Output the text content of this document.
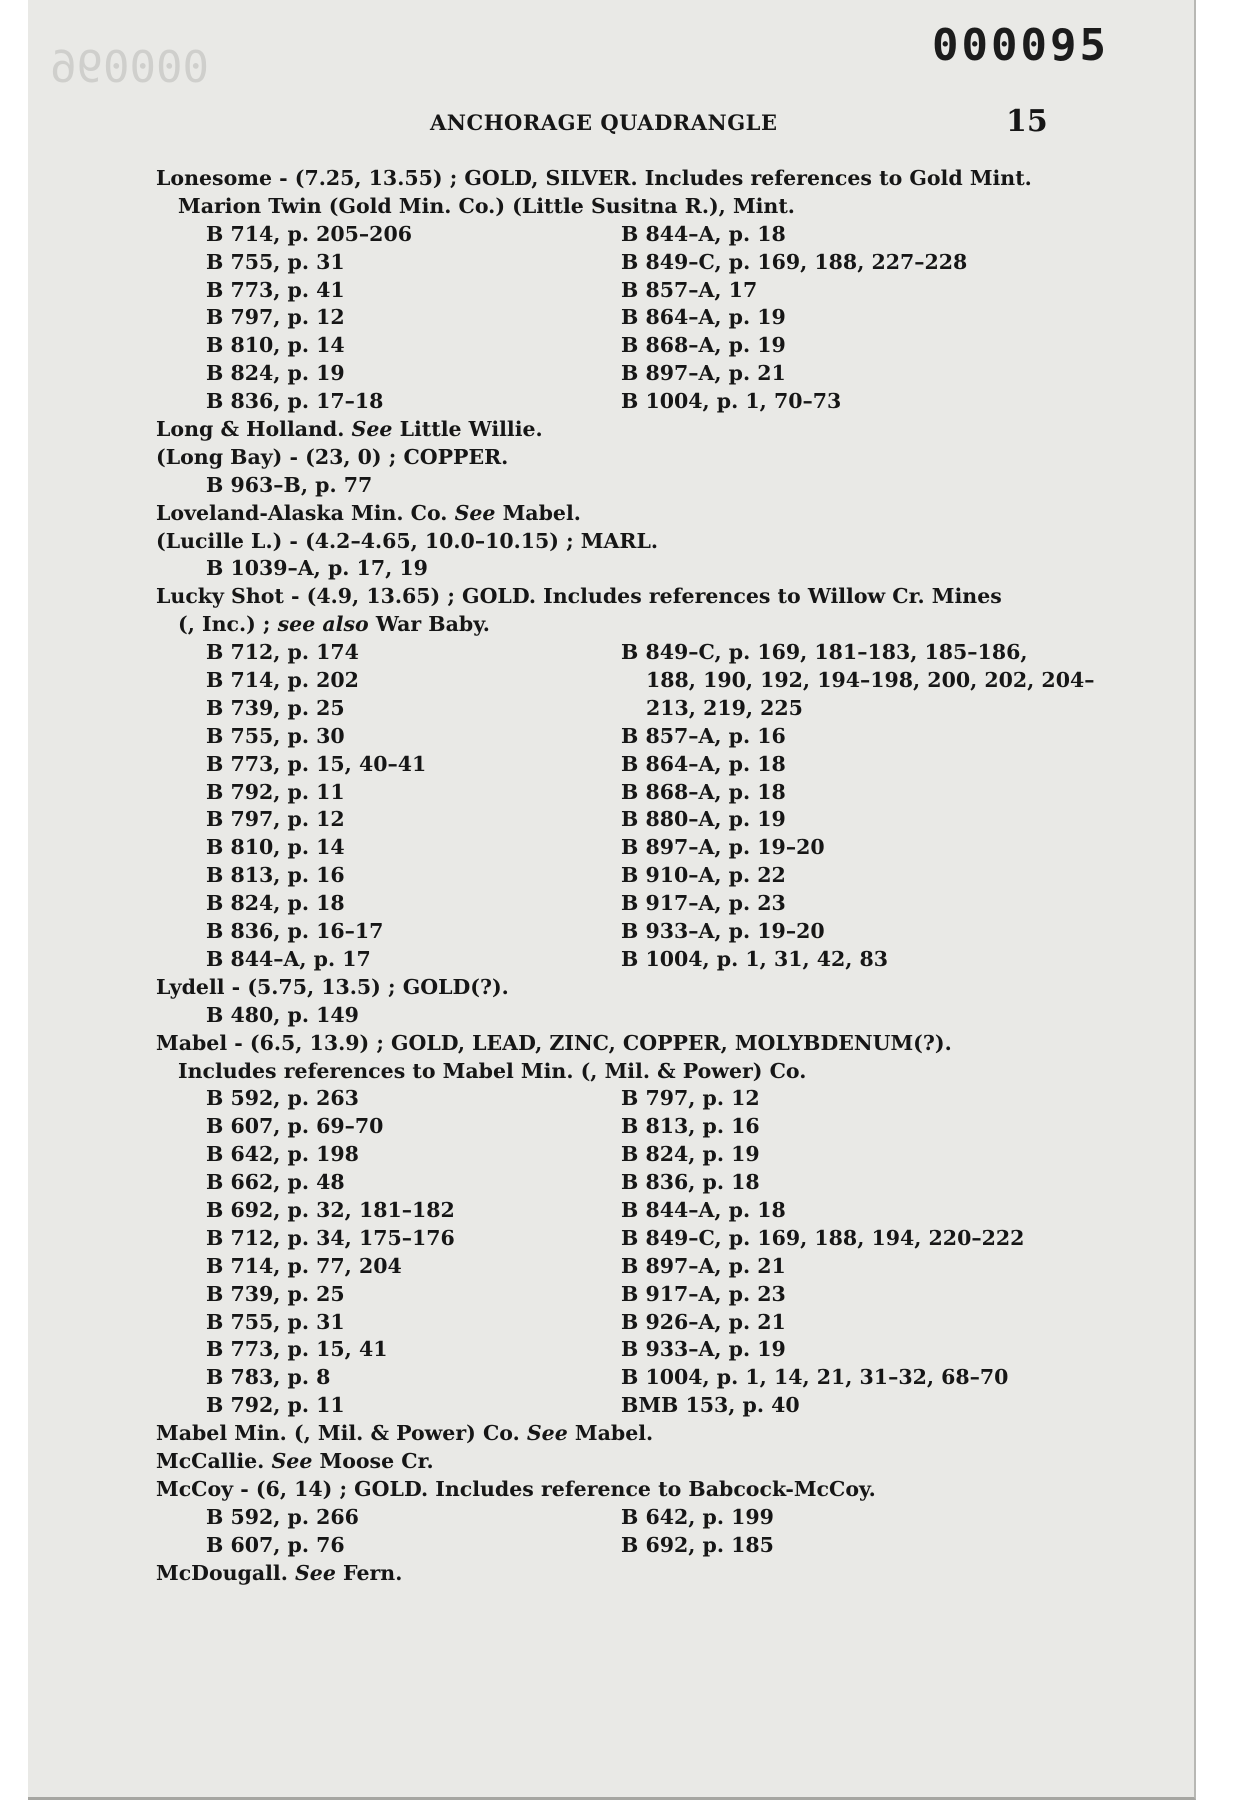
000096	000095
ANCHORAGE QUADRANGLE	15
Lonesome - (7.25, 13.55) ; GOLD, SILVER. Includes references to Gold Mint.
Marion Twin (Gold Min. Co.) (Little Susitna R.), Mint.
B 714, p. 205–206	B 844–A, p. 18
B 755, p. 31	B 849–C, p. 169, 188, 227–228
B 773, p. 41	B 857–A, 17
B 797, p. 12	B 864–A, p. 19
B 810, p. 14	B 868–A, p. 19
B 824, p. 19	B 897–A, p. 21
B 836, p. 17–18	B 1004, p. 1, 70–73
Long & Holland. See Little Willie.
(Long Bay) - (23, 0) ; COPPER.
B 963–B, p. 77
Loveland-Alaska Min. Co. See Mabel.
(Lucille L.) - (4.2–4.65, 10.0–10.15) ; MARL.
B 1039–A, p. 17, 19
Lucky Shot - (4.9, 13.65) ; GOLD. Includes references to Willow Cr. Mines
(, Inc.) ; see also War Baby.
B 712, p. 174	B 849–C, p. 169, 181–183, 185–186,
B 714, p. 202	188, 190, 192, 194–198, 200, 202, 204–
B 739, p. 25	213, 219, 225
B 755, p. 30	B 857–A, p. 16
B 773, p. 15, 40–41	B 864–A, p. 18
B 792, p. 11	B 868–A, p. 18
B 797, p. 12	B 880–A, p. 19
B 810, p. 14	B 897–A, p. 19–20
B 813, p. 16	B 910–A, p. 22
B 824, p. 18	B 917–A, p. 23
B 836, p. 16–17	B 933–A, p. 19–20
B 844–A, p. 17	B 1004, p. 1, 31, 42, 83
Lydell - (5.75, 13.5) ; GOLD(?).
B 480, p. 149
Mabel - (6.5, 13.9) ; GOLD, LEAD, ZINC, COPPER, MOLYBDENUM(?).
Includes references to Mabel Min. (, Mil. & Power) Co.
B 592, p. 263	B 797, p. 12
B 607, p. 69–70	B 813, p. 16
B 642, p. 198	B 824, p. 19
B 662, p. 48	B 836, p. 18
B 692, p. 32, 181–182	B 844–A, p. 18
B 712, p. 34, 175–176	B 849–C, p. 169, 188, 194, 220–222
B 714, p. 77, 204	B 897–A, p. 21
B 739, p. 25	B 917–A, p. 23
B 755, p. 31	B 926–A, p. 21
B 773, p. 15, 41	B 933–A, p. 19
B 783, p. 8	B 1004, p. 1, 14, 21, 31–32, 68–70
B 792, p. 11	BMB 153, p. 40
Mabel Min. (, Mil. & Power) Co. See Mabel.
McCallie. See Moose Cr.
McCoy - (6, 14) ; GOLD. Includes reference to Babcock-McCoy.
B 592, p. 266	B 642, p. 199
B 607, p. 76	B 692, p. 185
McDougall. See Fern.
